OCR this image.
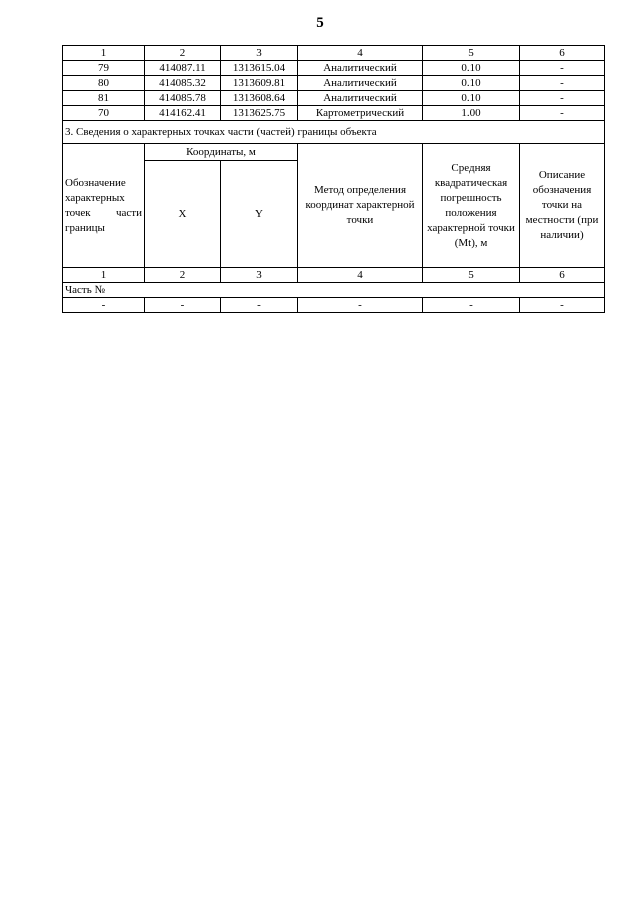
5
1	2	3	4	5	6
79	414087.11	1313615.04	Аналитический	0.10	-
80	414085.32	1313609.81	Аналитический	0.10	-
81	414085.78	1313608.64	Аналитический	0.10	-
70	414162.41	1313625.75	Картометрический	1.00	-
3. Сведения о характерных точках части (частей) границы объекта					
Обозначение характерных точек части границы	Координаты, м		Метод определения координат характерной точки	Средняя квадратическая погрешность положения характерной точки (Mt), м	Описание обозначения точки на местности (при наличии)
	X	Y			
1	2	3	4	5	6
Часть №					
-	-	-	-	-	-
